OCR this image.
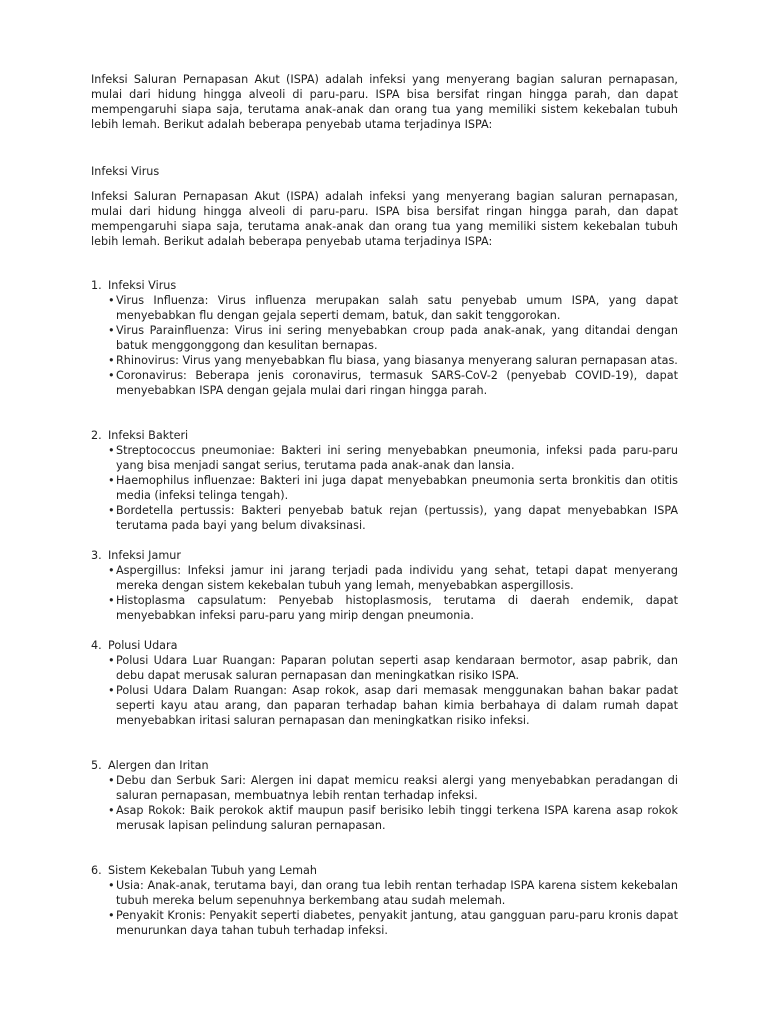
Infeksi Saluran Pernapasan Akut (ISPA) adalah infeksi yang menyerang bagian saluran pernapasan, mulai dari hidung hingga alveoli di paru-paru. ISPA bisa bersifat ringan hingga parah, dan dapat mempengaruhi siapa saja, terutama anak-anak dan orang tua yang memiliki sistem kekebalan tubuh lebih lemah. Berikut adalah beberapa penyebab utama terjadinya ISPA:

Infeksi Virus

Infeksi Saluran Pernapasan Akut (ISPA) adalah infeksi yang menyerang bagian saluran pernapasan, mulai dari hidung hingga alveoli di paru-paru. ISPA bisa bersifat ringan hingga parah, dan dapat mempengaruhi siapa saja, terutama anak-anak dan orang tua yang memiliki sistem kekebalan tubuh lebih lemah. Berikut adalah beberapa penyebab utama terjadinya ISPA:

1. Infeksi Virus
• Virus Influenza: Virus influenza merupakan salah satu penyebab umum ISPA, yang dapat menyebabkan flu dengan gejala seperti demam, batuk, dan sakit tenggorokan.
• Virus Parainfluenza: Virus ini sering menyebabkan croup pada anak-anak, yang ditandai dengan batuk menggonggong dan kesulitan bernapas.
• Rhinovirus: Virus yang menyebabkan flu biasa, yang biasanya menyerang saluran pernapasan atas.
• Coronavirus: Beberapa jenis coronavirus, termasuk SARS-CoV-2 (penyebab COVID-19), dapat menyebabkan ISPA dengan gejala mulai dari ringan hingga parah.
2. Infeksi Bakteri
• Streptococcus pneumoniae: Bakteri ini sering menyebabkan pneumonia, infeksi pada paru-paru yang bisa menjadi sangat serius, terutama pada anak-anak dan lansia.
• Haemophilus influenzae: Bakteri ini juga dapat menyebabkan pneumonia serta bronkitis dan otitis media (infeksi telinga tengah).
• Bordetella pertussis: Bakteri penyebab batuk rejan (pertussis), yang dapat menyebabkan ISPA terutama pada bayi yang belum divaksinasi.
3. Infeksi Jamur
• Aspergillus: Infeksi jamur ini jarang terjadi pada individu yang sehat, tetapi dapat menyerang mereka dengan sistem kekebalan tubuh yang lemah, menyebabkan aspergillosis.
• Histoplasma capsulatum: Penyebab histoplasmosis, terutama di daerah endemik, dapat menyebabkan infeksi paru-paru yang mirip dengan pneumonia.
4. Polusi Udara
• Polusi Udara Luar Ruangan: Paparan polutan seperti asap kendaraan bermotor, asap pabrik, dan debu dapat merusak saluran pernapasan dan meningkatkan risiko ISPA.
• Polusi Udara Dalam Ruangan: Asap rokok, asap dari memasak menggunakan bahan bakar padat seperti kayu atau arang, dan paparan terhadap bahan kimia berbahaya di dalam rumah dapat menyebabkan iritasi saluran pernapasan dan meningkatkan risiko infeksi.
5. Alergen dan Iritan
• Debu dan Serbuk Sari: Alergen ini dapat memicu reaksi alergi yang menyebabkan peradangan di saluran pernapasan, membuatnya lebih rentan terhadap infeksi.
• Asap Rokok: Baik perokok aktif maupun pasif berisiko lebih tinggi terkena ISPA karena asap rokok merusak lapisan pelindung saluran pernapasan.
6. Sistem Kekebalan Tubuh yang Lemah
• Usia: Anak-anak, terutama bayi, dan orang tua lebih rentan terhadap ISPA karena sistem kekebalan tubuh mereka belum sepenuhnya berkembang atau sudah melemah.
• Penyakit Kronis: Penyakit seperti diabetes, penyakit jantung, atau gangguan paru-paru kronis dapat menurunkan daya tahan tubuh terhadap infeksi.
